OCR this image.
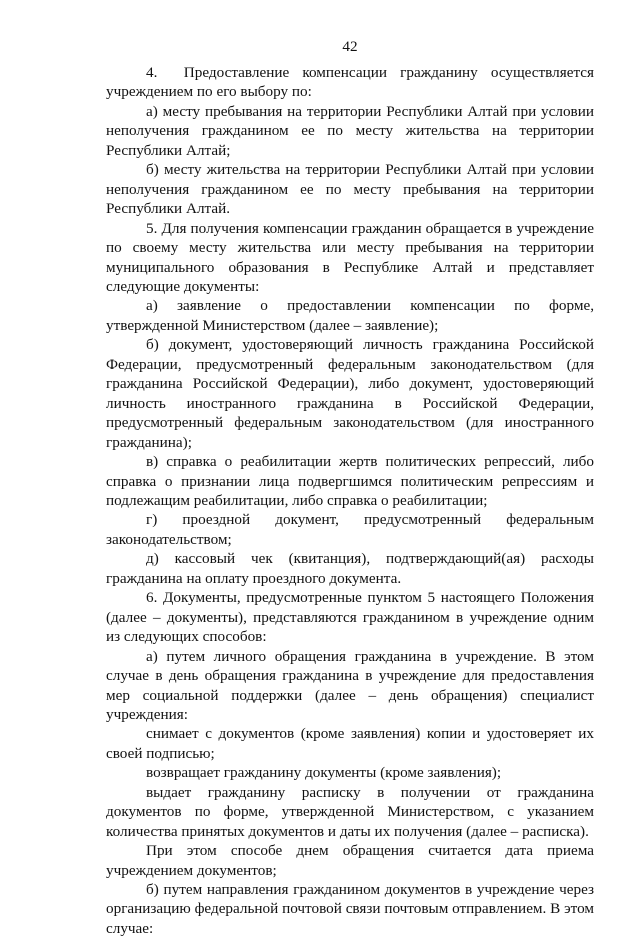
42

4.  Предоставление компенсации гражданину осуществляется учреждением по его выбору по:

а) месту пребывания на территории Республики Алтай при условии неполучения гражданином ее по месту жительства на территории Республики Алтай;

б) месту жительства на территории Республики Алтай при условии неполучения гражданином ее по месту пребывания на территории Республики Алтай.

5. Для получения компенсации гражданин обращается в учреждение по своему месту жительства или месту пребывания на территории муниципального образования в Республике Алтай и представляет следующие документы:

а) заявление о предоставлении компенсации по форме, утвержденной Министерством (далее – заявление);

б) документ, удостоверяющий личность гражданина Российской Федерации, предусмотренный федеральным законодательством (для гражданина Российской Федерации), либо документ, удостоверяющий личность иностранного гражданина в Российской Федерации, предусмотренный федеральным законодательством (для иностранного гражданина);

в) справка о реабилитации жертв политических репрессий, либо справка о признании лица подвергшимся политическим репрессиям и подлежащим реабилитации, либо справка о реабилитации;

г) проездной документ, предусмотренный федеральным законодательством;

д) кассовый чек (квитанция), подтверждающий(ая) расходы гражданина на оплату проездного документа.

6. Документы, предусмотренные пунктом 5 настоящего Положения (далее – документы), представляются гражданином в учреждение одним из следующих способов:

а) путем личного обращения гражданина в учреждение. В этом случае в день обращения гражданина в учреждение для предоставления мер социальной поддержки (далее – день обращения) специалист учреждения:

снимает с документов (кроме заявления) копии и удостоверяет их своей подписью;

возвращает гражданину документы (кроме заявления);

выдает гражданину расписку в получении от гражданина документов по форме, утвержденной Министерством, с указанием количества принятых документов и даты их получения (далее – расписка).

При этом способе днем обращения считается дата приема учреждением документов;

б) путем направления гражданином документов в учреждение через организацию федеральной почтовой связи почтовым отправлением. В этом случае:
